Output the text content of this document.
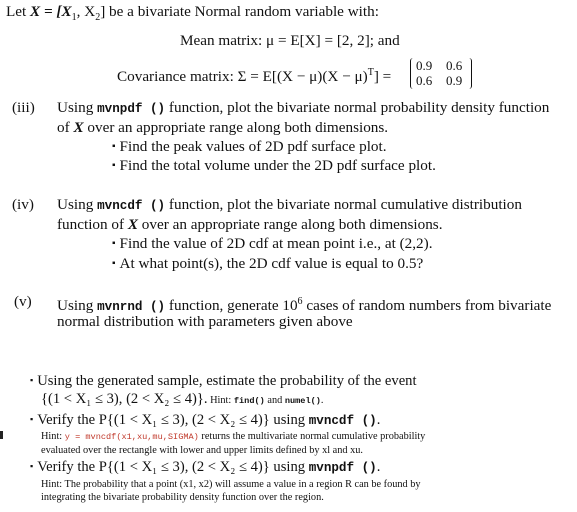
Let $X = [X_1$, $X_2$] be a bivariate Normal random variable with:
Mean matrix: μ = E[X] = [2, 2]; and
Covariance matrix: $\Sigma = E[(X - \mu)(X - \mu)^T]$ =
0.9 0.6
0.6 0.9
(iii) Using mvnpdf () function, plot the bivariate normal probability density function
of X over an appropriate range along both dimensions.
▪ Find the peak values of 2D pdf surface plot.
▪ Find the total volume under the 2D pdf surface plot.
(iv) Using mvncdf () function, plot the bivariate normal cumulative distribution
function of X over an appropriate range along both dimensions.
▪ Find the value of 2D cdf at mean point i.e., at (2,2).
▪ At what point(s), the 2D cdf value is equal to 0.5?
(v) Using mvnrnd () function, generate $10^6$ cases of random numbers from bivariate
normal distribution with parameters given above
▪ Using the generated sample, estimate the probability of the event
{(1 < X₁ ≤ 3), (2 < X₂ ≤ 4)}. Hint: find() and numel().
▪ Verify the P{(1 < X₁ ≤ 3), (2 < X₂ ≤ 4)} using mvncdf ().
Hint: y = mvncdf(x1,xu,mu,SIGMA) returns the multivariate normal cumulative probability
evaluated over the rectangle with lower and upper limits defined by xl and xu.
▪ Verify the P{(1 < X₁ ≤ 3), (2 < X₂ ≤ 4)} using mvnpdf ().
Hint: The probability that a point (x1, x2) will assume a value in a region R can be found by
integrating the bivariate probability density function over the region.
